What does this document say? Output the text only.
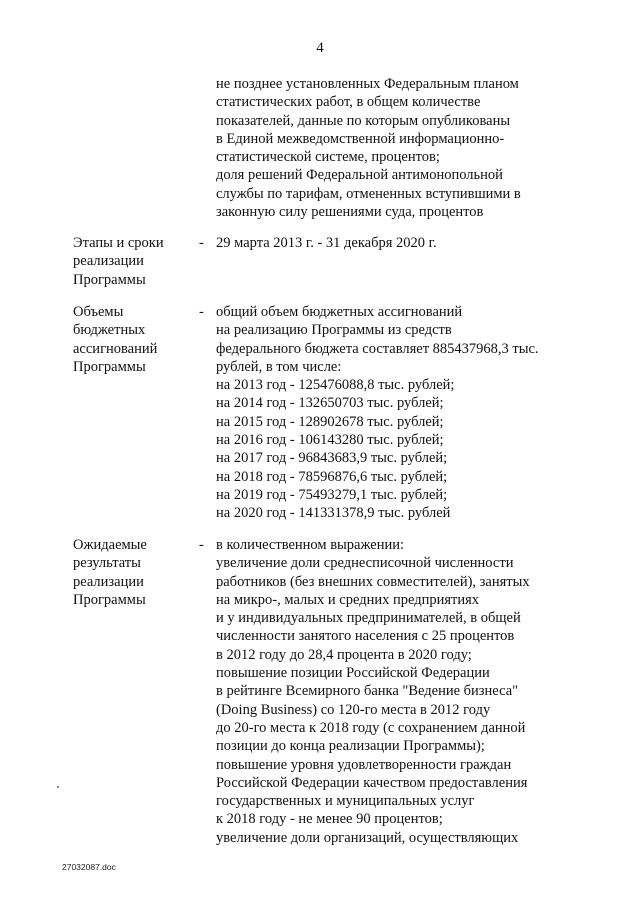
4
не позднее установленных Федеральным планом
статистических работ, в общем количестве
показателей, данные по которым опубликованы
в Единой межведомственной информационно-
статистической системе, процентов;
доля решений Федеральной антимонопольной
службы по тарифам, отмененных вступившими в
законную силу решениями суда, процентов
Этапы и сроки
реализации
Программы
- 29 марта 2013 г. - 31 декабря 2020 г.
Объемы
бюджетных
ассигнований
Программы
- общий объем бюджетных ассигнований
на реализацию Программы из средств
федерального бюджета составляет 885437968,3 тыс.
рублей, в том числе:
на 2013 год - 125476088,8 тыс. рублей;
на 2014 год - 132650703 тыс. рублей;
на 2015 год - 128902678 тыс. рублей;
на 2016 год - 106143280 тыс. рублей;
на 2017 год - 96843683,9 тыс. рублей;
на 2018 год - 78596876,6 тыс. рублей;
на 2019 год - 75493279,1 тыс. рублей;
на 2020 год - 141331378,9 тыс. рублей
Ожидаемые
результаты
реализации
Программы
- в количественном выражении:
увеличение доли среднесписочной численности
работников (без внешних совместителей), занятых
на микро-, малых и средних предприятиях
и у индивидуальных предпринимателей, в общей
численности занятого населения с 25 процентов
в 2012 году до 28,4 процента в 2020 году;
повышение позиции Российской Федерации
в рейтинге Всемирного банка "Ведение бизнеса"
(Doing Business) со 120-го места в 2012 году
до 20-го места к 2018 году (с сохранением данной
позиции до конца реализации Программы);
повышение уровня удовлетворенности граждан
Российской Федерации качеством предоставления
государственных и муниципальных услуг
к 2018 году - не менее 90 процентов;
увеличение доли организаций, осуществляющих
27032087.doc
